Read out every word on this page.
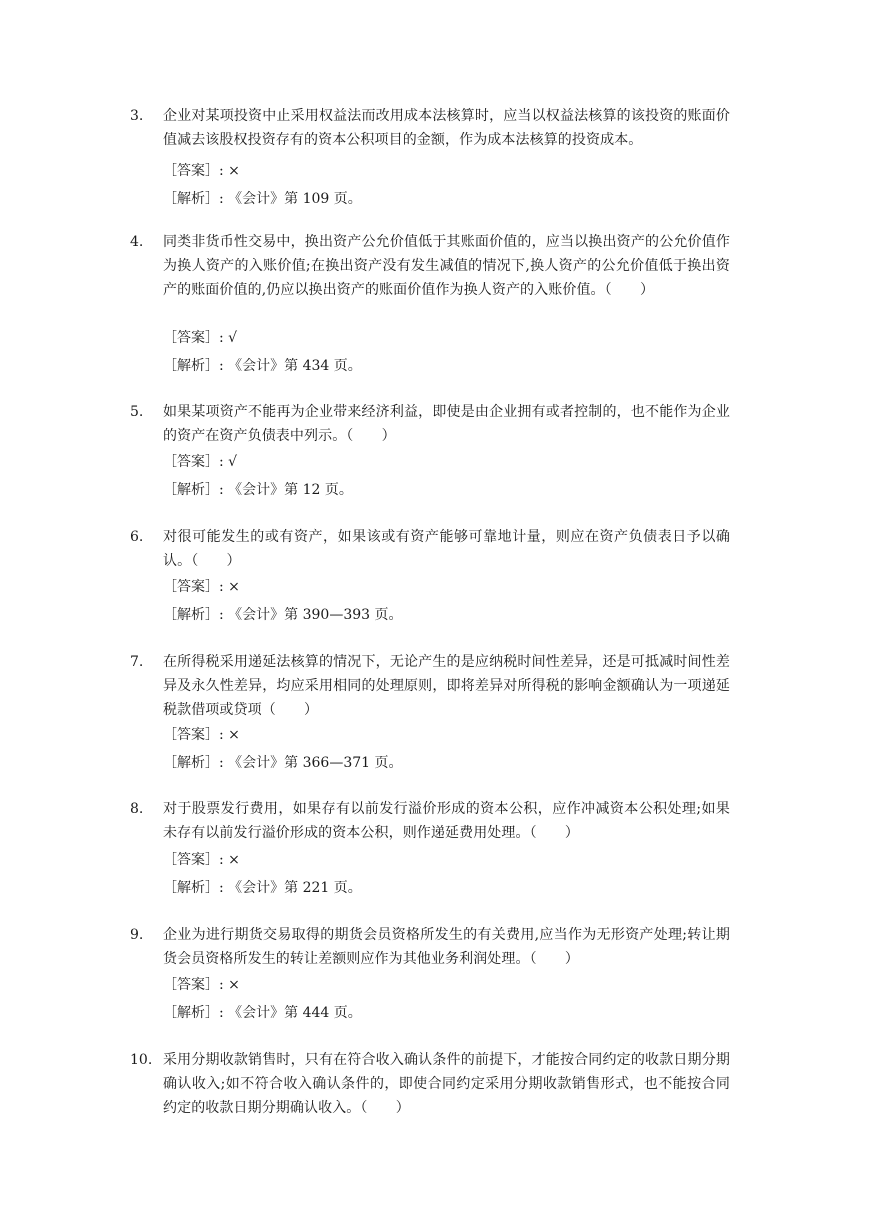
3.	企业对某项投资中止采用权益法而改用成本法核算时，应当以权益法核算的该投资的账面价值减去该股权投资存有的资本公积项目的金额，作为成本法核算的投资成本。
［答案］: ×
［解析］: 《会计》第 109 页。
4.	同类非货币性交易中，换出资产公允价值低于其账面价值的，应当以换出资产的公允价值作为换人资产的入账价值;在换出资产没有发生减值的情况下,换人资产的公允价值低于换出资产的账面价值的,仍应以换出资产的账面价值作为换人资产的入账价值。（　　）
［答案］: √
［解析］: 《会计》第 434 页。
5.	如果某项资产不能再为企业带来经济利益，即使是由企业拥有或者控制的，也不能作为企业的资产在资产负债表中列示。（　　）
［答案］: √
［解析］: 《会计》第 12 页。
6.	对很可能发生的或有资产，如果该或有资产能够可靠地计量，则应在资产负债表日予以确认。（　　）
［答案］: ×
［解析］: 《会计》第 390—393 页。
7.	在所得税采用递延法核算的情况下，无论产生的是应纳税时间性差异，还是可抵减时间性差异及永久性差异，均应采用相同的处理原则，即将差异对所得税的影响金额确认为一项递延税款借项或贷项（　　）
［答案］: ×
［解析］: 《会计》第 366—371 页。
8.	对于股票发行费用，如果存有以前发行溢价形成的资本公积，应作冲减资本公积处理;如果未存有以前发行溢价形成的资本公积，则作递延费用处理。（　　）
［答案］: ×
［解析］: 《会计》第 221 页。
9.	企业为进行期货交易取得的期货会员资格所发生的有关费用,应当作为无形资产处理;转让期货会员资格所发生的转让差额则应作为其他业务利润处理。（　　）
［答案］: ×
［解析］: 《会计》第 444 页。
10. 采用分期收款销售时，只有在符合收入确认条件的前提下，才能按合同约定的收款日期分期确认收入;如不符合收入确认条件的，即使合同约定采用分期收款销售形式，也不能按合同约定的收款日期分期确认收入。（　　）
